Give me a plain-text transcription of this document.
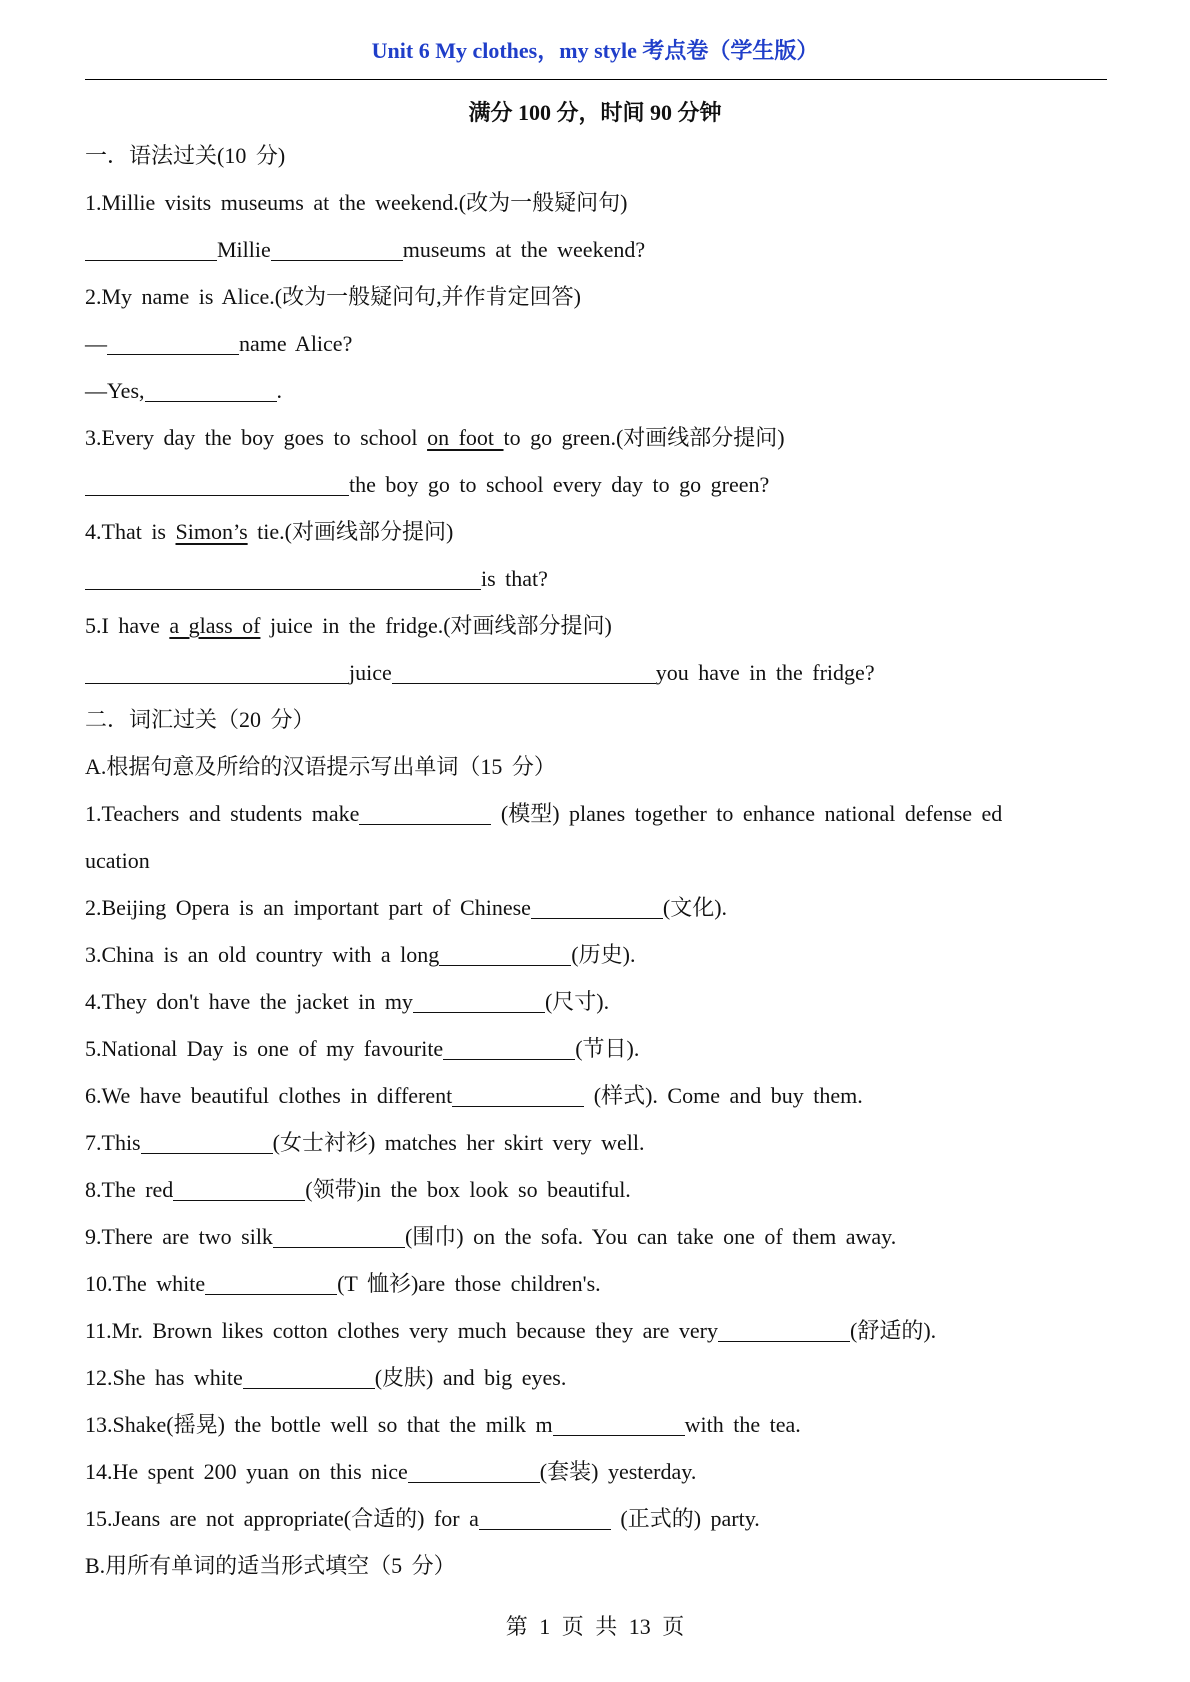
Unit 6 My clothes，my style 考点卷（学生版）
满分 100 分，时间 90 分钟
一．语法过关(10 分)
1.Millie visits museums at the weekend.(改为一般疑问句)
Millie	museums at the weekend?
2.My name is Alice.(改为一般疑问句,并作肯定回答)
—	name Alice?
—Yes,	.
3.Every day the boy goes to school on foot to go green.(对画线部分提问)
the boy go to school every day to go green?
4.That is Simon’s tie.(对画线部分提问)
is that?
5.I have a glass of juice in the fridge.(对画线部分提问)
juice	you have in the fridge?
二．词汇过关（20 分）
A.根据句意及所给的汉语提示写出单词（15 分）
1.Teachers and students make	(模型) planes together to enhance national defense ed
ucation
2.Beijing Opera is an important part of Chinese	(文化).
3.China is an old country with a long	(历史).
4.They don't have the jacket in my	(尺寸).
5.National Day is one of my favourite	(节日).
6.We have beautiful clothes in different	(样式). Come and buy them.
7.This	(女士衬衫) matches her skirt very well.
8.The red	(领带)in the box look so beautiful.
9.There are two silk	(围巾) on the sofa. You can take one of them away.
10.The white	(T 恤衫)are those children's.
11.Mr. Brown likes cotton clothes very much because they are very	(舒适的).
12.She has white	(皮肤) and big eyes.
13.Shake(摇晃) the bottle well so that the milk m	with the tea.
14.He spent 200 yuan on this nice	(套装) yesterday.
15.Jeans are not appropriate(合适的) for a	(正式的) party.
B.用所有单词的适当形式填空（5 分）
第 1 页 共 13 页
